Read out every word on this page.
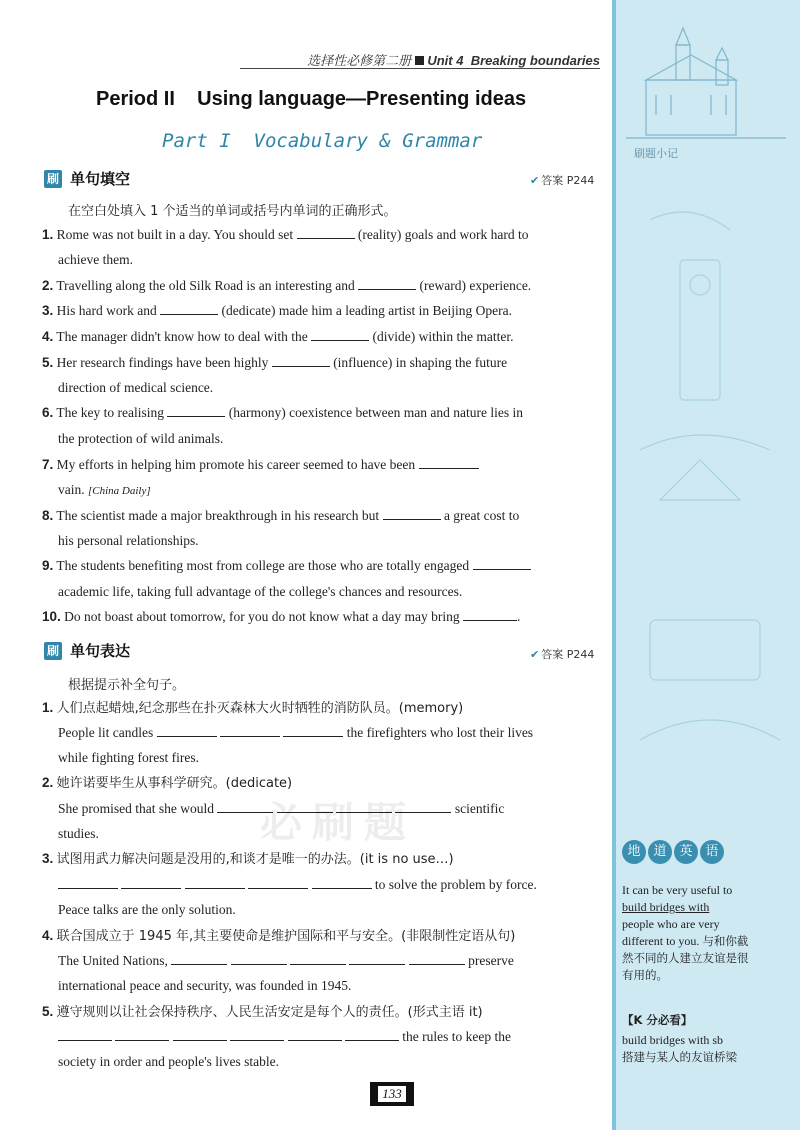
刷题小记
地 道 英 语
It can be very useful to
build bridges with
people who are very
different to you. 与和你截然不同的人建立友谊是很有用的。
【K 分必看】
build bridges with sb
搭建与某人的友谊桥梁
选择性必修第二册 Unit 4 Breaking boundaries
Period II    Using language—Presenting ideas
Part I  Vocabulary & Grammar
刷 单句填空	✔ 答案 P244
在空白处填入 1 个适当的单词或括号内单词的正确形式。
1. Rome was not built in a day. You should set	(reality) goals and work hard to
achieve them.
2. Travelling along the old Silk Road is an interesting and	(reward) experience.
3. His hard work and	(dedicate) made him a leading artist in Beijing Opera.
4. The manager didn't know how to deal with the	(divide) within the matter.
5. Her research findings have been highly	(influence) in shaping the future
direction of medical science.
6. The key to realising	(harmony) coexistence between man and nature lies in
the protection of wild animals.
7. My efforts in helping him promote his career seemed to have been
vain. [China Daily]
8. The scientist made a major breakthrough in his research but	a great cost to
his personal relationships.
9. The students benefiting most from college are those who are totally engaged
academic life, taking full advantage of the college's chances and resources.
10. Do not boast about tomorrow, for you do not know what a day may bring	.
刷 单句表达	✔ 答案 P244
根据提示补全句子。
1. 人们点起蜡烛,纪念那些在扑灭森林大火时牺牲的消防队员。(memory)
People lit candles	the firefighters who lost their lives
while fighting forest fires.
2. 她许诺要毕生从事科学研究。(dedicate)
She promised that she would	scientific
studies.
3. 试图用武力解决问题是没用的,和谈才是唯一的办法。(it is no use…)
to solve the problem by force.
Peace talks are the only solution.
4. 联合国成立于 1945 年,其主要使命是维护国际和平与安全。(非限制性定语从句)
The United Nations,	preserve
international peace and security, was founded in 1945.
5. 遵守规则以让社会保持秩序、人民生活安定是每个人的责任。(形式主语 it)
the rules to keep the
society in order and people's lives stable.
必刷题
133
